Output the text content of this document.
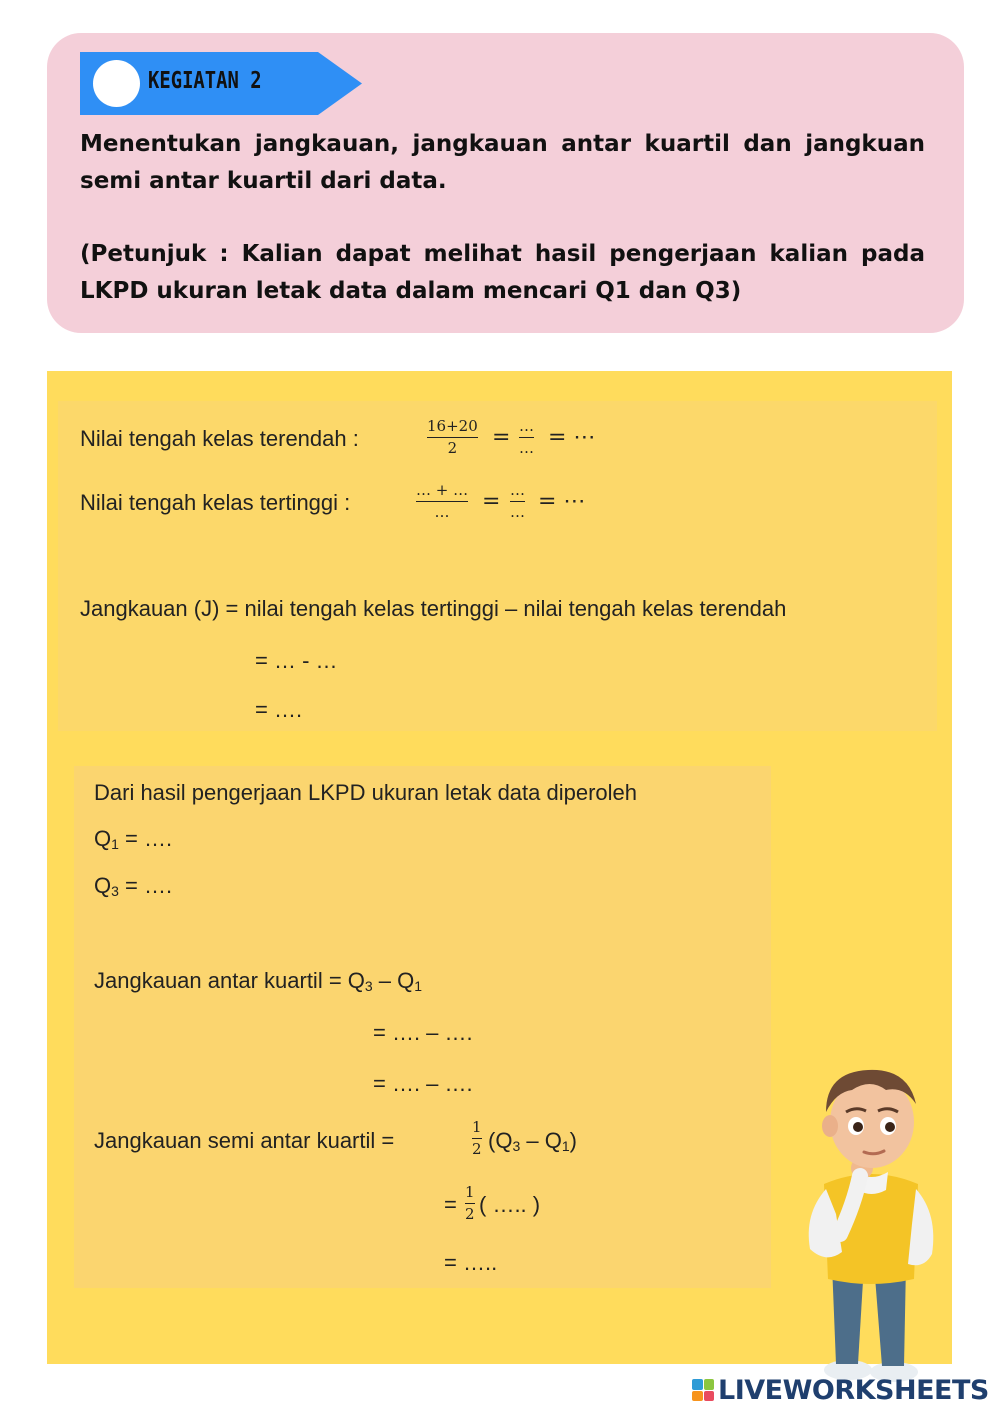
KEGIATAN 2
Menentukan jangkauan, jangkauan antar kuartil dan jangkuan semi antar kuartil dari data.
(Petunjuk : Kalian dapat melihat hasil pengerjaan kalian pada LKPD ukuran letak data dalam mencari Q1 dan Q3)
Nilai tengah kelas terendah :	16+20
2 = …
… = ⋯
Nilai tengah kelas tertinggi :	… + …
… = …
… = ⋯
Jangkauan (J) = nilai tengah kelas tertinggi – nilai tengah kelas terendah
= … - …
= ….
Dari hasil pengerjaan LKPD ukuran letak data diperoleh
$Q_1$ = ….
$Q_3$ = ….
Jangkauan antar kuartil = $Q_3 - Q_1$
= …. – ….
= …. – ….
Jangkauan semi antar kuartil =
1
2 $(Q_3 - Q_1)$
= 1
2 ( ….. )
= …..
LIVEWORKSHEETS
